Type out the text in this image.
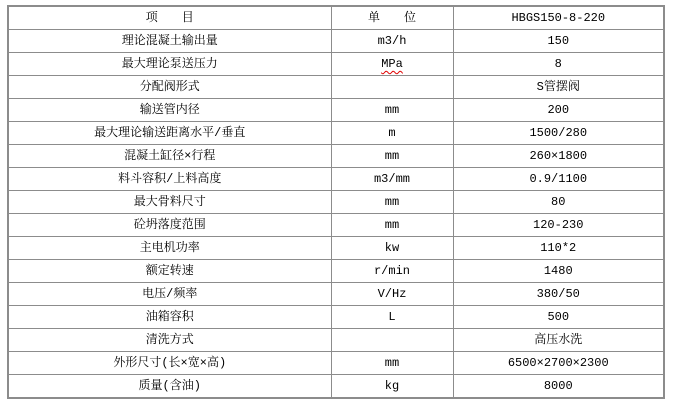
项　　目	单　　位	HBGS150-8-220
理论混凝土输出量	m3/h	150
最大理论泵送压力	MPa	8
分配阀形式		S管摆阀
输送管内径	mm	200
最大理论输送距离水平/垂直	m	1500/280
混凝土缸径×行程	mm	260×1800
料斗容积/上料高度	m3/mm	0.9/1100
最大骨料尺寸	mm	80
砼坍落度范围	mm	120-230
主电机功率	kw	110*2
额定转速	r/min	1480
电压/频率	V/Hz	380/50
油箱容积	L	500
清洗方式		高压水洗
外形尺寸(长×宽×高)	mm	6500×2700×2300
质量(含油)	kg	8000
